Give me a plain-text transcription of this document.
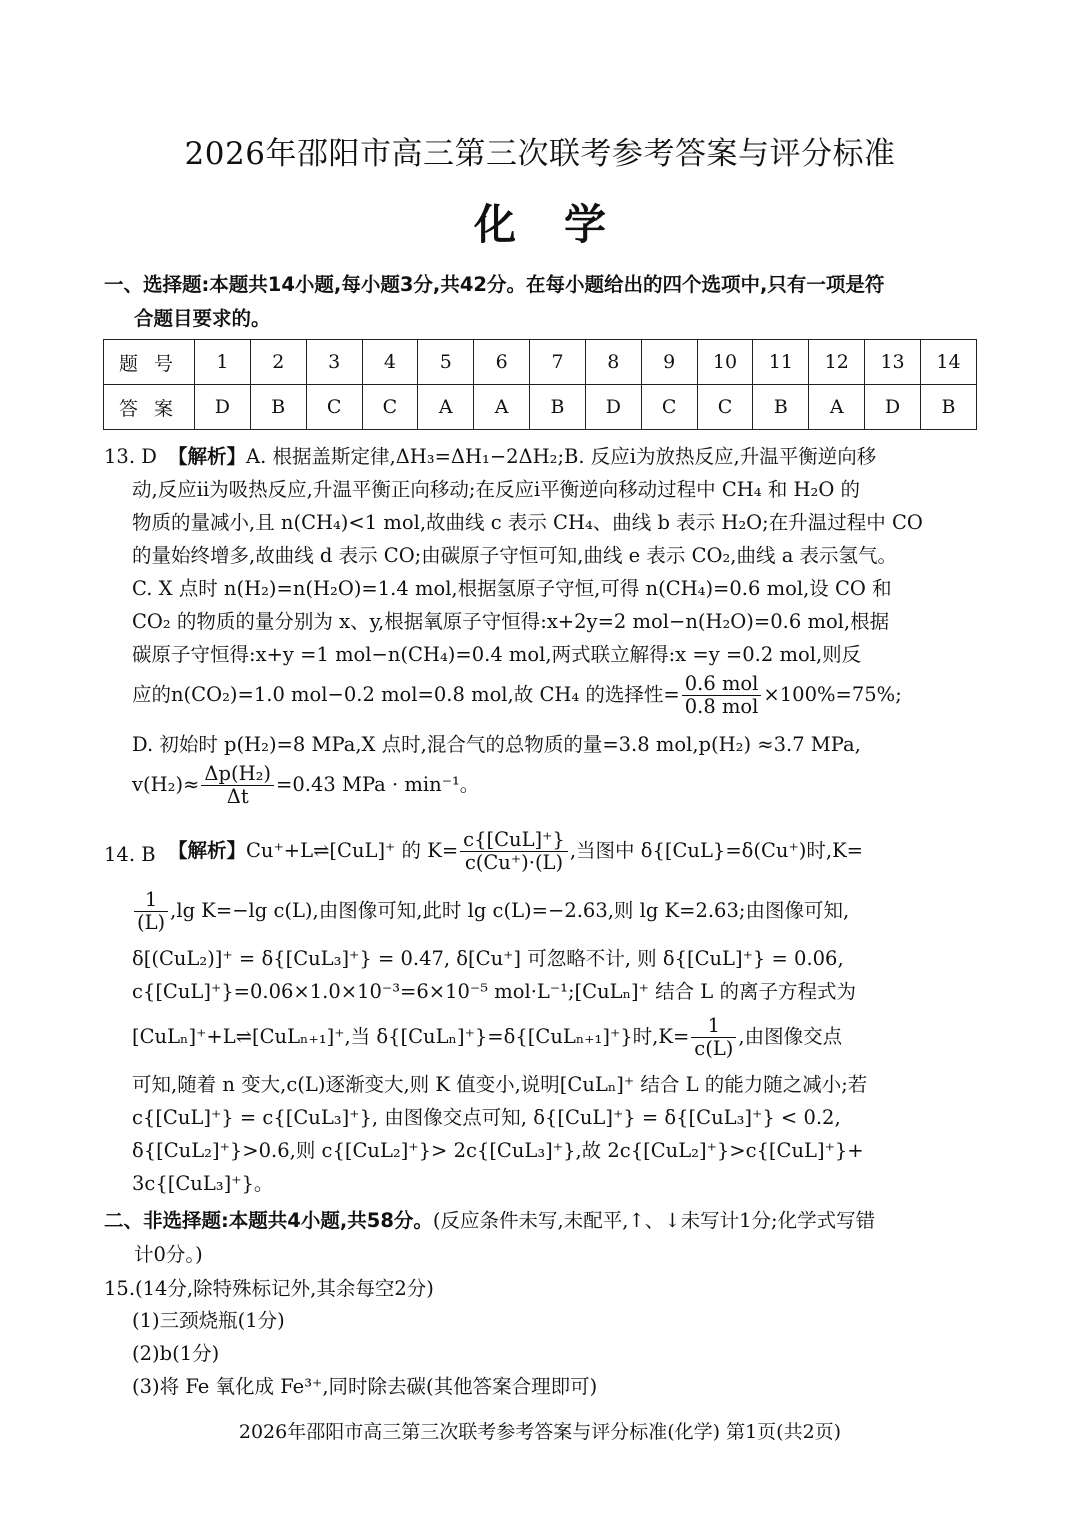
2026年邵阳市高三第三次联考参考答案与评分标准
化学
一、选择题:本题共14小题,每小题3分,共42分。在每小题给出的四个选项中,只有一项是符
合题目要求的。
题号	1	2	3	4	5	6	7	8	9	10	11	12	13	14
答案	D	B	C	C	A	A	B	D	C	C	B	A	D	B
13. D 【解析】A. 根据盖斯定律,ΔH₃=ΔH₁−2ΔH₂;B. 反应ⅰ为放热反应,升温平衡逆向移

动,反应ⅱ为吸热反应,升温平衡正向移动;在反应ⅰ平衡逆向移动过程中 CH₄ 和 H₂O 的

物质的量减小,且 n(CH₄)<1 mol,故曲线 c 表示 CH₄、曲线 b 表示 H₂O;在升温过程中 CO

的量始终增多,故曲线 d 表示 CO;由碳原子守恒可知,曲线 e 表示 CO₂,曲线 a 表示氢气。

C. X 点时 n(H₂)=n(H₂O)=1.4 mol,根据氢原子守恒,可得 n(CH₄)=0.6 mol,设 CO 和

CO₂ 的物质的量分别为 x、y,根据氧原子守恒得:x+2y=2 mol−n(H₂O)=0.6 mol,根据

碳原子守恒得:x+y =1 mol−n(CH₄)=0.4 mol,两式联立解得:x =y =0.2 mol,则反

应的n(CO₂)=1.0 mol−0.2 mol=0.8 mol,故 CH₄ 的选择性= $\frac{\text{0.6 mol}}{\text{0.8 mol}} \times 100\%=75\%$;

D. 初始时 p(H₂)=8 MPa,X 点时,混合气的总物质的量=3.8 mol,p(H₂) ≈3.7 MPa,

$v(H_2)\approx \frac{\text{Δp(H₂)}}{\Delta t} =0.43$ MPa · min⁻¹。
14. B 【解析】Cu⁺+L⇌[CuL]⁺ 的 $K= \frac{\text{c\{[CuL]⁺\}}}{c(Cu^+)\cdot(L)}$ ,当图中 δ{[CuL}=δ(Cu⁺)时,K=
$\frac{1}{(L)} ,\lg$ K=−lg c(L),由图像可知,此时 lg c(L)=−2.63,则 lg K=2.63;由图像可知,

δ[(CuL₂)]⁺ = δ{[CuL₃]⁺} = 0.47, δ[Cu⁺] 可忽略不计, 则 δ{[CuL]⁺} = 0.06,

c{[CuL]⁺}=0.06×1.0×10⁻³=6×10⁻⁵ mol·L⁻¹;[CuLₙ]⁺ 结合 L 的离子方程式为

[CuLₙ]⁺+L⇌[CuLₙ₊₁]⁺,当 δ{[CuLₙ]⁺}=δ{[CuLₙ₊₁]⁺}时$,K= \frac{1}{c(L)}$ ,由图像交点

可知,随着 n 变大,c(L)逐渐变大,则 K 值变小,说明[CuLₙ]⁺ 结合 L 的能力随之减小;若

c{[CuL]⁺} = c{[CuL₃]⁺}, 由图像交点可知, δ{[CuL]⁺} = δ{[CuL₃]⁺} < 0.2,

δ{[CuL₂]⁺}>0.6,则 c{[CuL₂]⁺}> 2c{[CuL₃]⁺},故 2c{[CuL₂]⁺}>c{[CuL]⁺}+

3c{[CuL₃]⁺}。

二、非选择题:本题共4小题,共58分。(反应条件未写,未配平,↑、↓未写计1分;化学式写错
计0分。)
15.(14分,除特殊标记外,其余每空2分)

(1)三颈烧瓶(1分)

(2)b(1分)

(3)将 Fe 氧化成 Fe³⁺,同时除去碳(其他答案合理即可)

2026年邵阳市高三第三次联考参考答案与评分标准(化学) 第1页(共2页)
